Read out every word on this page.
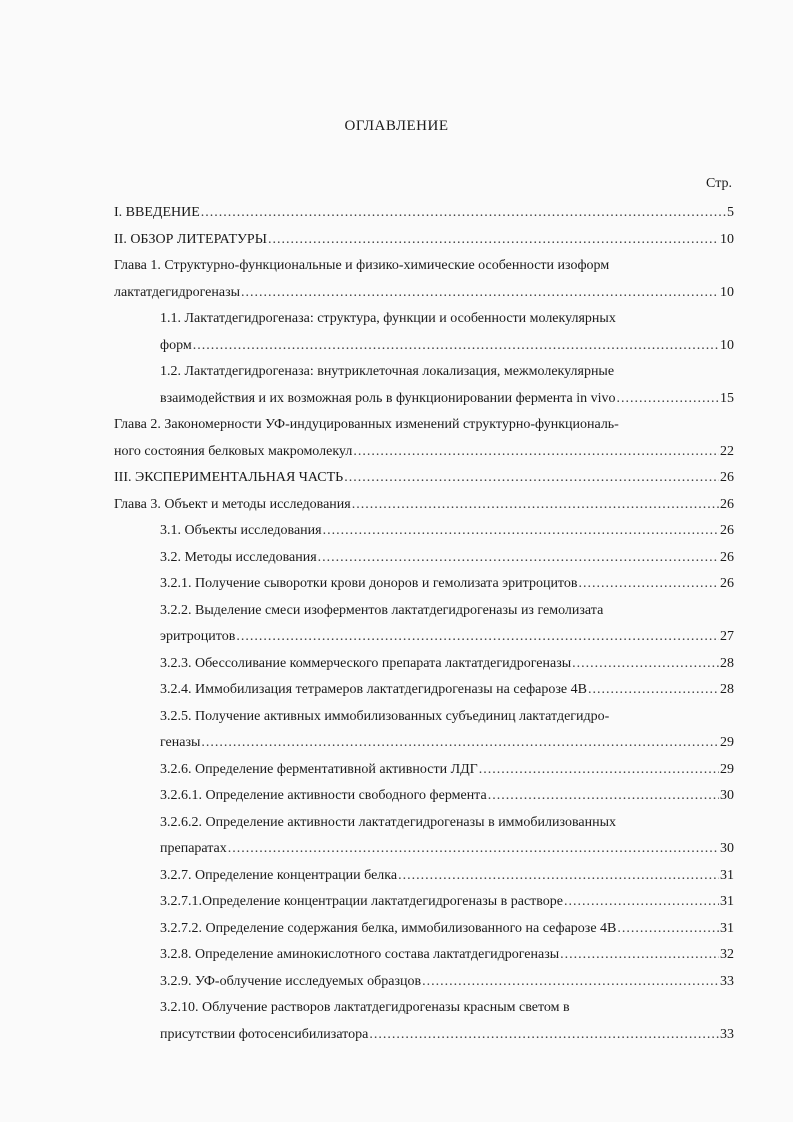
ОГЛАВЛЕНИЕ
Стр.
I. ВВЕДЕНИЕ .....	5
II. ОБЗОР ЛИТЕРАТУРЫ .....	10
Глава 1. Структурно-функциональные и физико-химические особенности изоформ
лактатдегидрогеназы .....	10
1.1. Лактатдегидрогеназа: структура, функции и особенности молекулярных
форм .....	10
1.2. Лактатдегидрогеназа: внутриклеточная локализация, межмолекулярные
взаимодействия и их возможная роль в функционировании фермента in vivo .....	15
Глава 2. Закономерности УФ-индуцированных изменений структурно-функциональ-
ного состояния белковых макромолекул .....	22
III. ЭКСПЕРИМЕНТАЛЬНАЯ ЧАСТЬ .....	26
Глава 3. Объект и методы исследования .....	26
3.1. Объекты исследования .....	26
3.2. Методы исследования .....	26
3.2.1. Получение сыворотки крови доноров и гемолизата эритроцитов .....	26
3.2.2. Выделение смеси изоферментов лактатдегидрогеназы из гемолизата
эритроцитов .....	27
3.2.3. Обессоливание коммерческого препарата лактатдегидрогеназы .....	28
3.2.4. Иммобилизация тетрамеров лактатдегидрогеназы на сефарозе 4В .....	28
3.2.5. Получение активных иммобилизованных субъединиц лактатдегидро-
геназы .....	29
3.2.6. Определение ферментативной активности ЛДГ .....	29
3.2.6.1. Определение активности свободного фермента .....	30
3.2.6.2. Определение активности лактатдегидрогеназы в иммобилизованных
препаратах .....	30
3.2.7. Определение концентрации белка .....	31
3.2.7.1.Определение концентрации лактатдегидрогеназы в растворе .....	31
3.2.7.2. Определение содержания белка, иммобилизованного на сефарозе 4В .....	31
3.2.8. Определение аминокислотного состава лактатдегидрогеназы .....	32
3.2.9. УФ-облучение исследуемых образцов .....	33
3.2.10. Облучение растворов лактатдегидрогеназы красным светом в
присутствии фотосенсибилизатора .....	33
